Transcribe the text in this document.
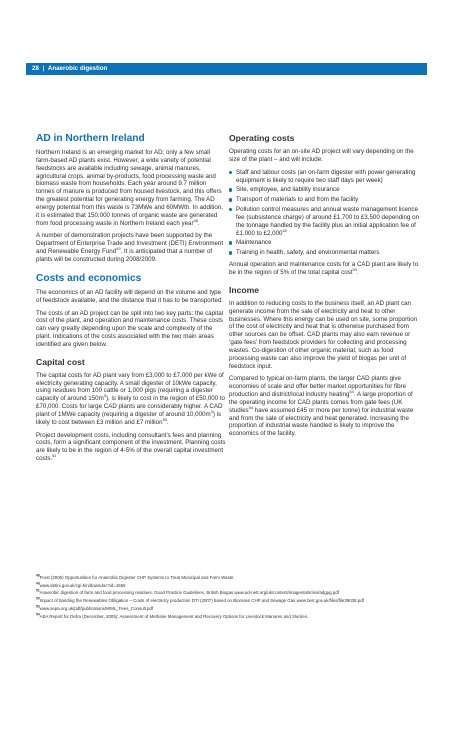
28 | Anaerobic digestion
AD in Northern Ireland

Northern Ireland is an emerging market for AD; only a few small farm-based AD plants exist. However, a wide variety of potential feedstocks are available including sewage, animal manures, agricultural crops, animal by-products, food processing waste and biomass waste from households. Each year around 9.7 million tonnes of manure is produced from housed livestock, and this offers the greatest potential for generating energy from farming. The AD energy potential from this waste is 73MWe and 60MWth. In addition, it is estimated that 150,000 tonnes of organic waste are generated from food processing waste in Northern Ireland each year$^{48}$.

A number of demonstration projects have been supported by the Department of Enterprise Trade and Investment (DETI) Environment and Renewable Energy Fund$^{49}$. It is anticipated that a number of plants will be constructed during 2008/2009.

Costs and economics

The economics of an AD facility will depend on the volume and type of feedstock available, and the distance that it has to be transported.

The costs of an AD project can be split into two key parts: the capital cost of the plant, and operation and maintenance costs. These costs can vary greatly depending upon the scale and complexity of the plant. Indications of the costs associated with the two main areas identified are given below.

Capital cost

The capital costs for AD plant vary from £3,000 to £7,000 per kWe of electricity generating capacity. A small digester of 10kWe capacity, using residues from 100 cattle or 1,000 pigs (requiring a digester capacity of around $150m^3$), is likely to cost in the region of £50,000 to £70,000. Costs for large CAD plants are considerably higher. A CAD plant of 1MWe capacity (requiring a digester of around $10,000m^3$) is likely to cost between £3 million and £7 million$^{50}$.

Project development costs, including consultant’s fees and planning costs, form a significant component of the investment. Planning costs are likely to be in the region of 4-5% of the overall capital investment costs.$^{51}$

Operating costs

Operating costs for an on-site AD project will vary depending on the size of the plant – and will include:

Staff and labour costs (an on-farm digester with power generating equipment is likely to require two staff days per week)
Site, employee, and liability insurance
Transport of materials to and from the facility
Pollution control measures and annual waste management licence fee (subsistence charge) of around £1,700 to £3,500 depending on the tonnage handled by the facility plus an initial application fee of £1,000 to £2,000$^{52}$
Maintenance
Training in health, safety, and environmental matters

Annual operation and maintenance costs for a CAD plant are likely to be in the region of 5% of the total capital cost$^{53}$.

Income

In addition to reducing costs to the business itself, an AD plant can generate income from the sale of electricity and heat to other businesses. Where this energy can be used on site, some proportion of the cost of electricity and heat that is otherwise purchased from other sources can be offset. CAD plants may also earn revenue or ‘gate fees’ from feedstock providers for collecting and processing wastes. Co-digestion of other organic material, such as food processing waste can also improve the yield of biogas per unit of feedstock input.

Compared to typical on-farm plants, the larger CAD plants give economies of scale and offer better market opportunities for fibre production and district/local industry heating$^{54}$. A large proportion of the operating income for CAD plants comes from gate fees (UK studies$^{54}$ have assumed £45 or more per tonne) for industrial waste and from the sale of electricity and heat generated. Increasing the proportion of industrial waste handled is likely to improve the economics of the facility.

$^{48}$Frost (2006) Opportunities for Anaerobic Digester CHP Systems to Treat Municipal and Farm Waste.
$^{49}$www.detini.gov.uk/cgi-bin/downdoc?id=1555
$^{51}$Anaerobic digestion of farm and food processing residues. Good Practice Guidelines, British Biogas www.ad-nett.org/uk/content/images/articles/adgpg.pdf
$^{50}$Impact of banding the Renewables Obligation – Costs of electricity production DTI (2007) based on Biomass CHP and Sewage Gas www.berr.gov.uk/files/file39038.pdf
$^{53}$www.sepa.org.uk/pdf/publications/WML_Fees_Consult.pdf
$^{54}$AEA Report for Defra (December, 2005): Assessment of Methane Management and Recovery Options for Livestock Manures and Slurries.
